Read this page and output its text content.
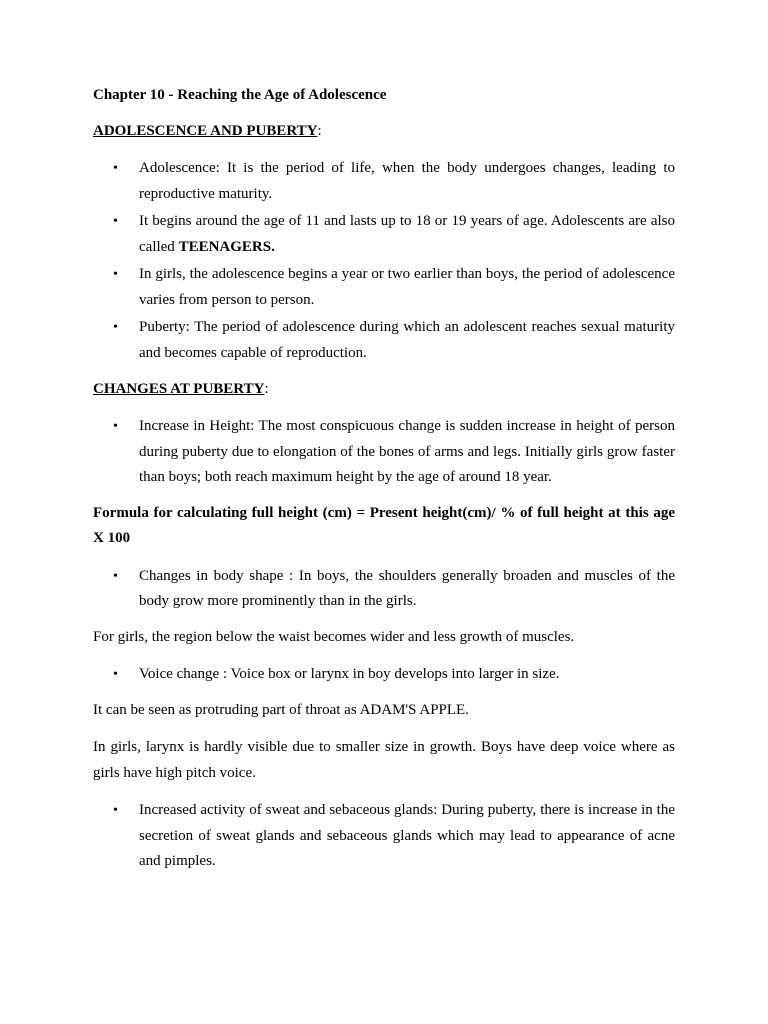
Chapter 10 - Reaching the Age of Adolescence

ADOLESCENCE AND PUBERTY:

• Adolescence: It is the period of life, when the body undergoes changes, leading to reproductive maturity.
• It begins around the age of 11 and lasts up to 18 or 19 years of age. Adolescents are also called TEENAGERS.
• In girls, the adolescence begins a year or two earlier than boys, the period of adolescence varies from person to person.
• Puberty: The period of adolescence during which an adolescent reaches sexual maturity and becomes capable of reproduction.

CHANGES AT PUBERTY:

• Increase in Height: The most conspicuous change is sudden increase in height of person during puberty due to elongation of the bones of arms and legs. Initially girls grow faster than boys; both reach maximum height by the age of around 18 year.

Formula for calculating full height (cm) = Present height(cm)/ % of full height at this age X 100

• Changes in body shape : In boys, the shoulders generally broaden and muscles of the body grow more prominently than in the girls.

For girls, the region below the waist becomes wider and less growth of muscles.

• Voice change : Voice box or larynx in boy develops into larger in size.

It can be seen as protruding part of throat as ADAM'S APPLE.

In girls, larynx is hardly visible due to smaller size in growth. Boys have deep voice where as girls have high pitch voice.

• Increased activity of sweat and sebaceous glands: During puberty, there is increase in the secretion of sweat glands and sebaceous glands which may lead to appearance of acne and pimples.
